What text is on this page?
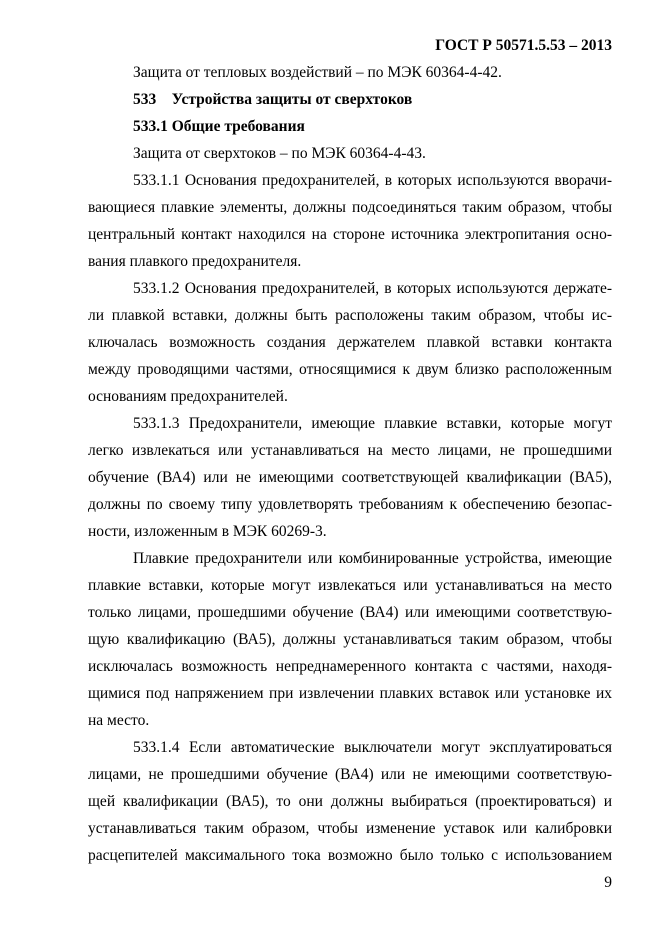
ГОСТ Р 50571.5.53 – 2013
Защита от тепловых воздействий – по МЭК 60364-4-42.
533 Устройства защиты от сверхтоков
533.1 Общие требования
Защита от сверхтоков – по МЭК 60364-4-43.
533.1.1 Основания предохранителей, в которых используются вворачи-
вающиеся плавкие элементы, должны подсоединяться таким образом, чтобы
центральный контакт находился на стороне источника электропитания осно-
вания плавкого предохранителя.
533.1.2 Основания предохранителей, в которых используются держате-
ли плавкой вставки, должны быть расположены таким образом, чтобы ис-
ключалась возможность создания держателем плавкой вставки контакта
между проводящими частями, относящимися к двум близко расположенным
основаниям предохранителей.
533.1.3 Предохранители, имеющие плавкие вставки, которые могут
легко извлекаться или устанавливаться на место лицами, не прошедшими
обучение (ВА4) или не имеющими соответствующей квалификации (ВА5),
должны по своему типу удовлетворять требованиям к обеспечению безопас-
ности, изложенным в МЭК 60269-3.
Плавкие предохранители или комбинированные устройства, имеющие
плавкие вставки, которые могут извлекаться или устанавливаться на место
только лицами, прошедшими обучение (ВА4) или имеющими соответствую-
щую квалификацию (ВА5), должны устанавливаться таким образом, чтобы
исключалась возможность непреднамеренного контакта с частями, находя-
щимися под напряжением при извлечении плавких вставок или установке их
на место.
533.1.4 Если автоматические выключатели могут эксплуатироваться
лицами, не прошедшими обучение (ВА4) или не имеющими соответствую-
щей квалификации (ВА5), то они должны выбираться (проектироваться) и
устанавливаться таким образом, чтобы изменение уставок или калибровки
расцепителей максимального тока возможно было только с использованием
9
